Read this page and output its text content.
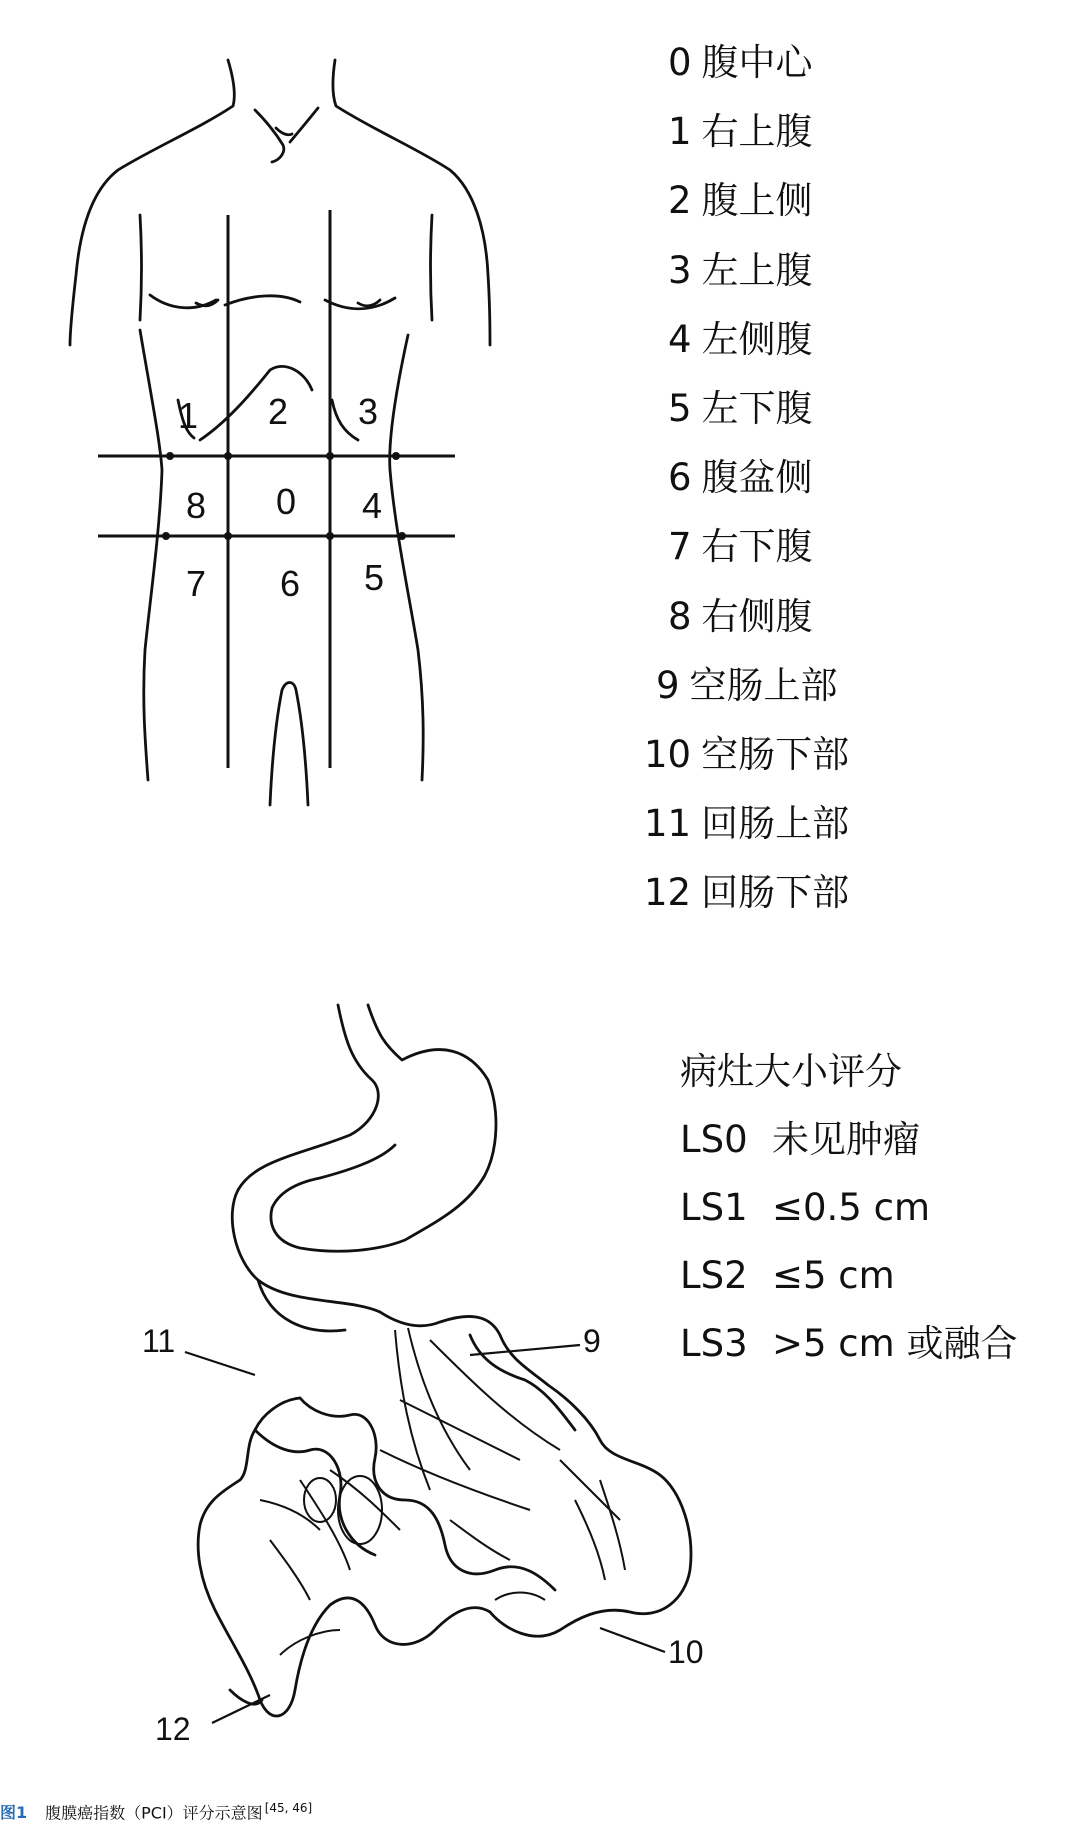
1 2 3
8 0 4
7 6 5
11	9
12
10
0 腹中心
1 右上腹
2 腹上侧
3 左上腹
4 左侧腹
5 左下腹
6 腹盆侧
7 右下腹
8 右侧腹
9 空肠上部
10 空肠下部
11 回肠上部
12 回肠下部
病灶大小评分
LS0 未见肿瘤
LS1 ≤0.5 cm
LS2 ≤5 cm
LS3 >5 cm 或融合
图1 腹膜癌指数（PCI）评分示意图 [45, 46]
